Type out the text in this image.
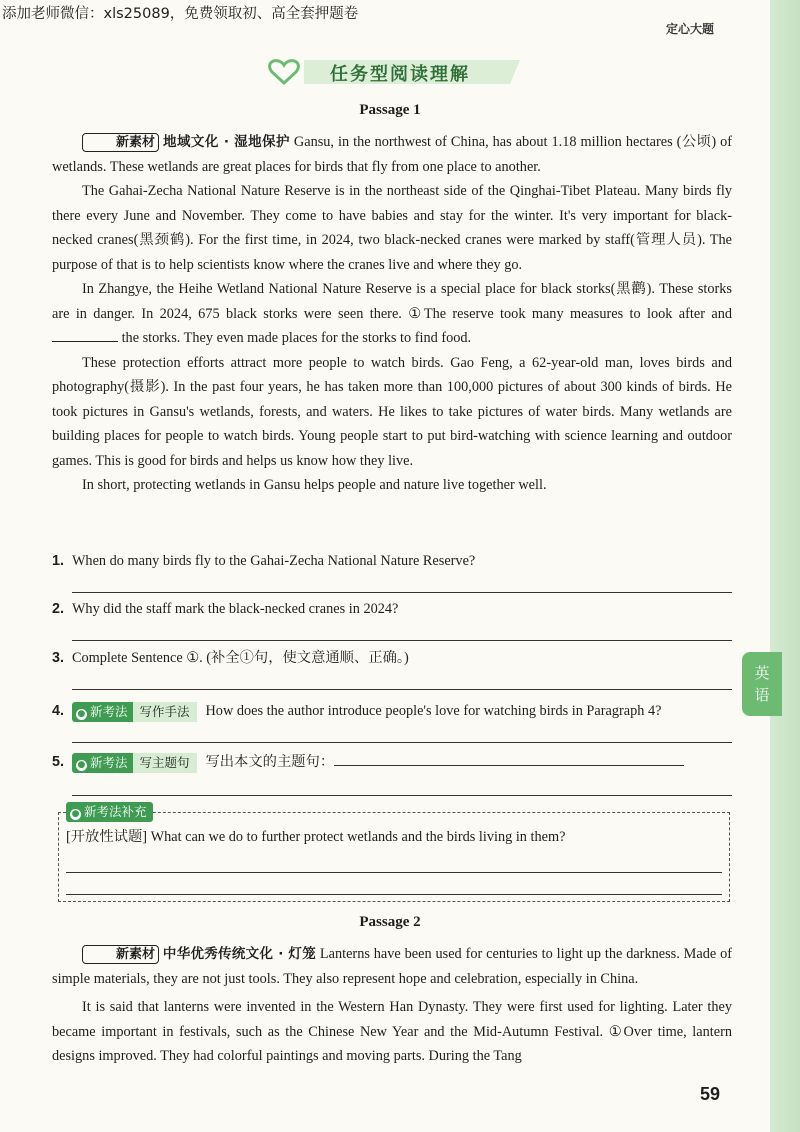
英
语
添加老师微信：xls25089，免费领取初、高全套押题卷
定心大题
任务型阅读理解
Passage 1

新素材 地域文化 · 湿地保护 Gansu, in the northwest of China, has about 1.18 million hectares (公顷) of wetlands. These wetlands are great places for birds that fly from one place to another.

The Gahai-Zecha National Nature Reserve is in the northeast side of the Qinghai-Tibet Plateau. Many birds fly there every June and November. They come to have babies and stay for the winter. It's very important for black-necked cranes(黑颈鹤). For the first time, in 2024, two black-necked cranes were marked by staff(管理人员). The purpose of that is to help scientists know where the cranes live and where they go.

In Zhangye, the Heihe Wetland National Nature Reserve is a special place for black storks(黑鹳). These storks are in danger. In 2024, 675 black storks were seen there. ①The reserve took many measures to look after and  the storks. They even made places for the storks to find food.

These protection efforts attract more people to watch birds. Gao Feng, a 62-year-old man, loves birds and photography(摄影). In the past four years, he has taken more than 100,000 pictures of about 300 kinds of birds. He took pictures in Gansu's wetlands, forests, and waters. He likes to take pictures of water birds. Many wetlands are building places for people to watch birds. Young people start to put bird-watching with science learning and outdoor games. This is good for birds and helps us know how they live.

In short, protecting wetlands in Gansu helps people and nature live together well.

1. When do many birds fly to the Gahai-Zecha National Nature Reserve?
2. Why did the staff mark the black-necked cranes in 2024?
3. Complete Sentence ①. (补全①句，使文意通顺、正确。)
4. ● 新考法 写作手法 How does the author introduce people's love for watching birds in Paragraph 4?
5. ● 新考法 写主题句 写出本文的主题句：
● 新考法补充
[开放性试题] What can we do to further protect wetlands and the birds living in them?
Passage 2

新素材 中华优秀传统文化 · 灯笼 Lanterns have been used for centuries to light up the darkness. Made of simple materials, they are not just tools. They also represent hope and celebration, especially in China.

It is said that lanterns were invented in the Western Han Dynasty. They were first used for lighting. Later they became important in festivals, such as the Chinese New Year and the Mid-Autumn Festival. ①Over time, lantern designs improved. They had colorful paintings and moving parts. During the Tang

59
